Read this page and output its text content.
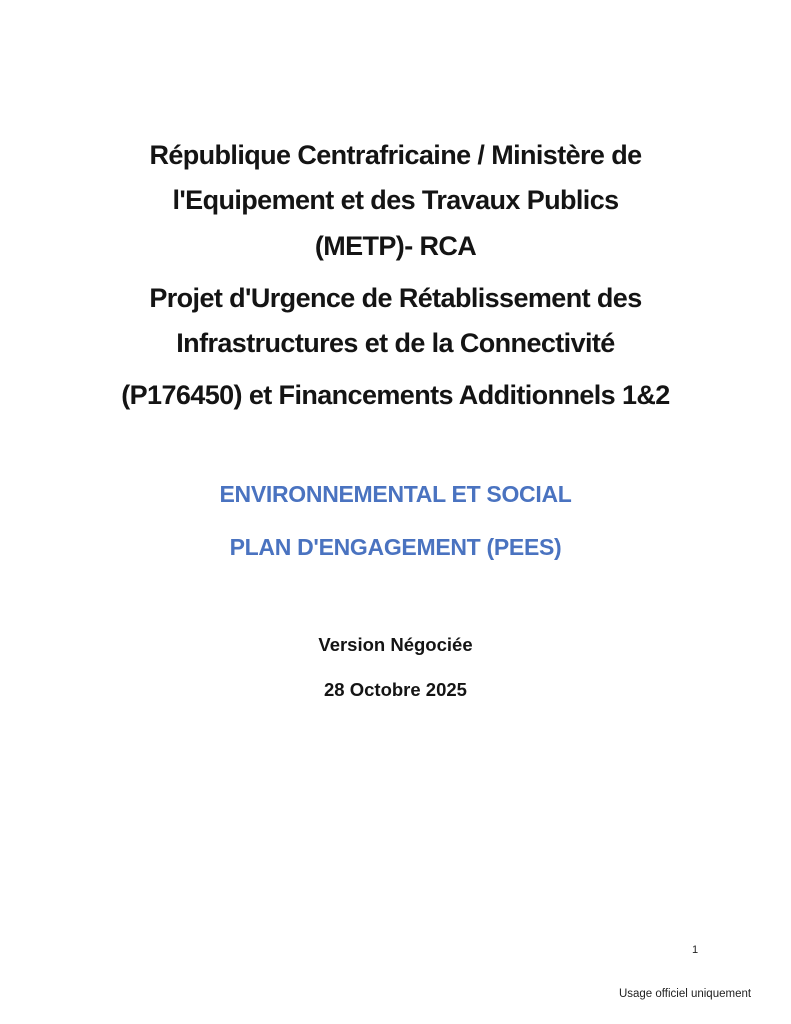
République Centrafricaine / Ministère de
l'Equipement et des Travaux Publics
(METP)- RCA
Projet d'Urgence de Rétablissement des
Infrastructures et de la Connectivité
(P176450) et Financements Additionnels 1&2
ENVIRONNEMENTAL ET SOCIAL
PLAN D'ENGAGEMENT (PEES)
Version Négociée
28 Octobre 2025
1
Usage officiel uniquement
